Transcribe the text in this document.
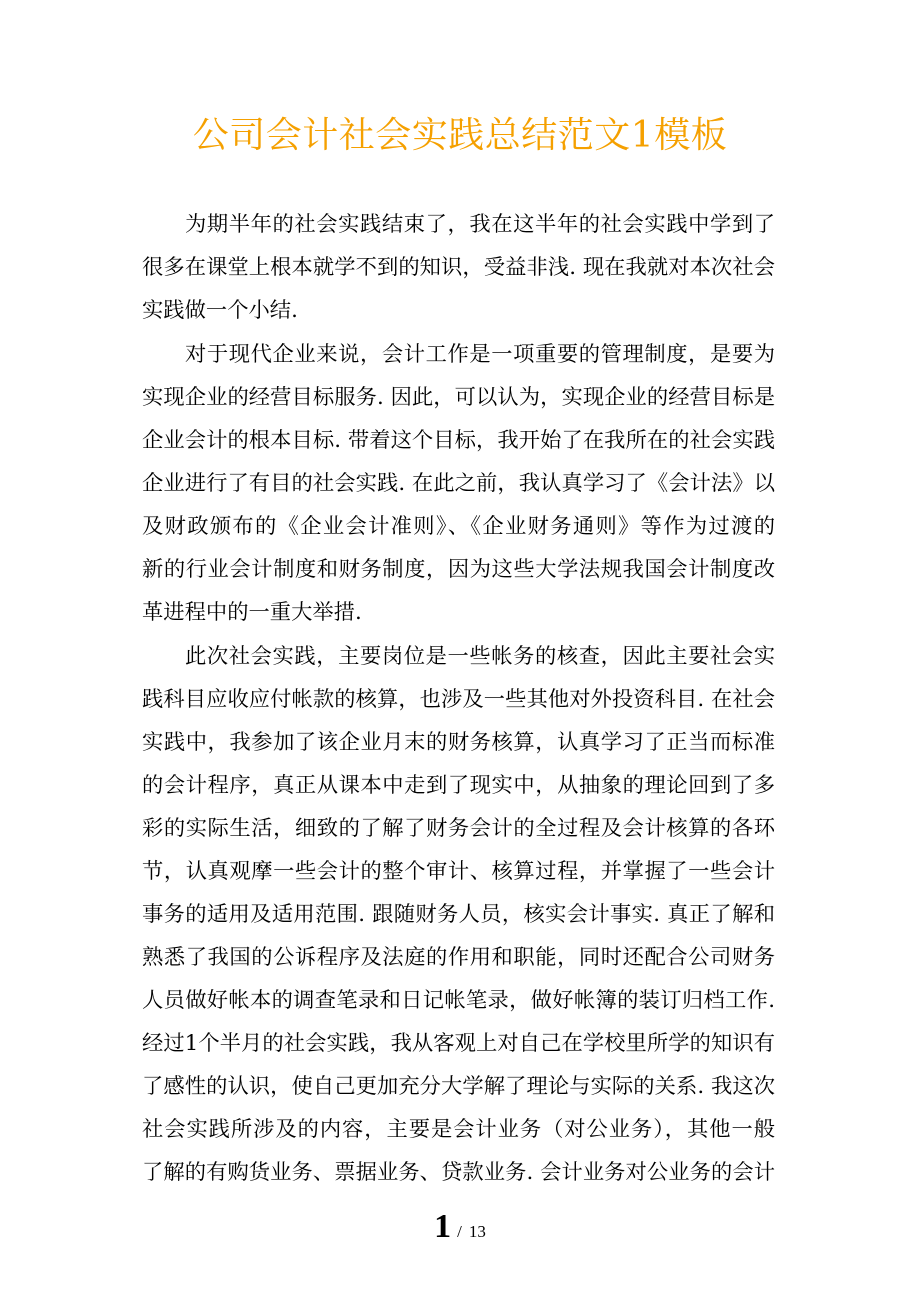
公司会计社会实践总结范文1模板
为期半年的社会实践结束了，我在这半年的社会实践中学到了
很多在课堂上根本就学不到的知识，受益非浅. 现在我就对本次社会
实践做一个小结.
对于现代企业来说，会计工作是一项重要的管理制度，是要为
实现企业的经营目标服务. 因此，可以认为，实现企业的经营目标是
企业会计的根本目标. 带着这个目标，我开始了在我所在的社会实践
企业进行了有目的社会实践. 在此之前，我认真学习了《会计法》以
及财政颁布的《企业会计准则》、《企业财务通则》等作为过渡的
新的行业会计制度和财务制度，因为这些大学法规我国会计制度改
革进程中的一重大举措.
此次社会实践，主要岗位是一些帐务的核查，因此主要社会实
践科目应收应付帐款的核算，也涉及一些其他对外投资科目. 在社会
实践中，我参加了该企业月末的财务核算，认真学习了正当而标准
的会计程序，真正从课本中走到了现实中，从抽象的理论回到了多
彩的实际生活，细致的了解了财务会计的全过程及会计核算的各环
节，认真观摩一些会计的整个审计、核算过程，并掌握了一些会计
事务的适用及适用范围. 跟随财务人员，核实会计事实. 真正了解和
熟悉了我国的公诉程序及法庭的作用和职能，同时还配合公司财务
人员做好帐本的调查笔录和日记帐笔录，做好帐簿的装订归档工作.
经过1个半月的社会实践，我从客观上对自己在学校里所学的知识有
了感性的认识，使自己更加充分大学解了理论与实际的关系. 我这次
社会实践所涉及的内容，主要是会计业务（对公业务），其他一般
了解的有购货业务、票据业务、贷款业务. 会计业务对公业务的会计
1 / 13
